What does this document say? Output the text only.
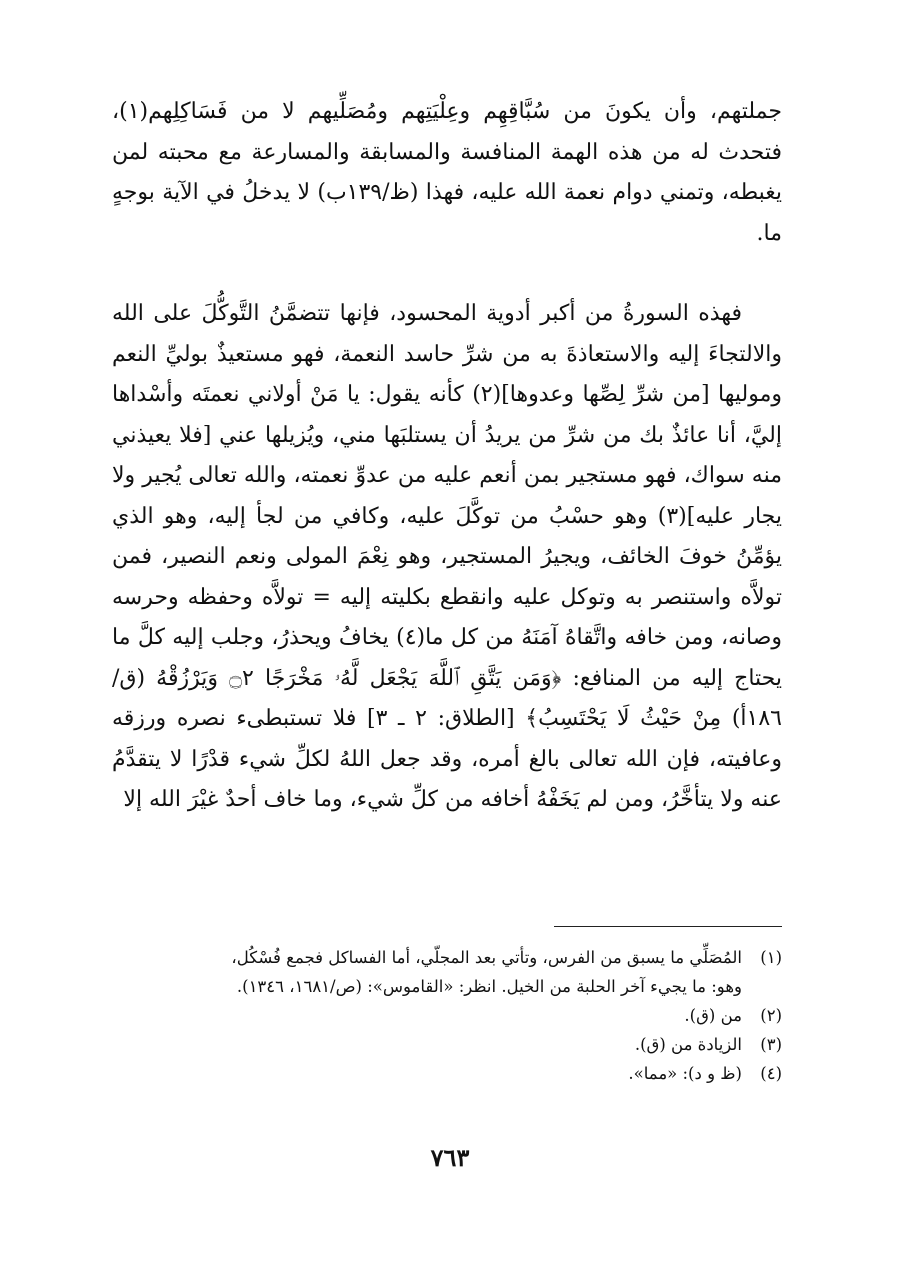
جملتهم، وأن يكونَ من سُبَّاقِهِم وعِلْيَتِهم ومُصَلِّيهم لا من فَسَاكِلِهم(١)، فتحدث له من هذه الهمة المنافسة والمسابقة والمسارعة مع محبته لمن يغبطه، وتمني دوام نعمة الله عليه، فهذا (ظ/١٣٩ب) لا يدخلُ في الآية بوجهٍ ما.

فهذه السورةُ من أكبر أدوية المحسود، فإنها تتضمَّنُ التَّوكُّلَ على الله والالتجاءَ إليه والاستعاذةَ به من شرِّ حاسد النعمة، فهو مستعيذٌ بوليِّ النعم وموليها [من شرِّ لِصِّها وعدوها](٢) كأنه يقول: يا مَنْ أولاني نعمتَه وأسْداها إليَّ، أنا عائذٌ بك من شرِّ من يريدُ أن يستلبَها مني، ويُزيلها عني [فلا يعيذني منه سواك، فهو مستجير بمن أنعم عليه من عدوِّ نعمته، والله تعالى يُجير ولا يجار عليه](٣) وهو حسْبُ من توكَّلَ عليه، وكافي من لجأ إليه، وهو الذي يؤمِّنُ خوفَ الخائف، ويجيرُ المستجير، وهو نِعْمَ المولى ونعم النصير، فمن تولاَّه واستنصر به وتوكل عليه وانقطع بكليته إليه = تولاَّه وحفظه وحرسه وصانه، ومن خافه واتَّقاهُ آمَنَهُ من كل ما(٤) يخافُ ويحذرُ، وجلب إليه كلَّ ما يحتاج إليه من المنافع: ﴿وَمَن يَتَّقِ ٱللَّهَ يَجْعَل لَّهُۥ مَخْرَجًا ۝٢ وَيَرْزُقْهُ (ق/١٨٦أ) مِنْ حَيْثُ لَا يَحْتَسِبُ﴾ [الطلاق: ٢ ـ ٣] فلا تستبطىء نصره ورزقه وعافيته، فإن الله تعالى بالغ أمره، وقد جعل اللهُ لكلِّ شيء قدْرًا لا يتقدَّمُ عنه ولا يتأخَّرُ، ومن لم يَخَفْهُ أخافه من كلِّ شيء، وما خاف أحدٌ غيْرَ الله إلا

(١)المُصَلِّي ما يسبق من الفرس، وتأتي بعد المجلّي، أما الفساكل فجمع فُسْكُل،
وهو: ما يجيء آخر الحلبة من الخيل. انظر: «القاموس»: (ص/١٦٨١، ١٣٤٦).
(٢)من (ق).
(٣)الزيادة من (ق).
(٤)(ظ و د): «مما».
٧٦٣
